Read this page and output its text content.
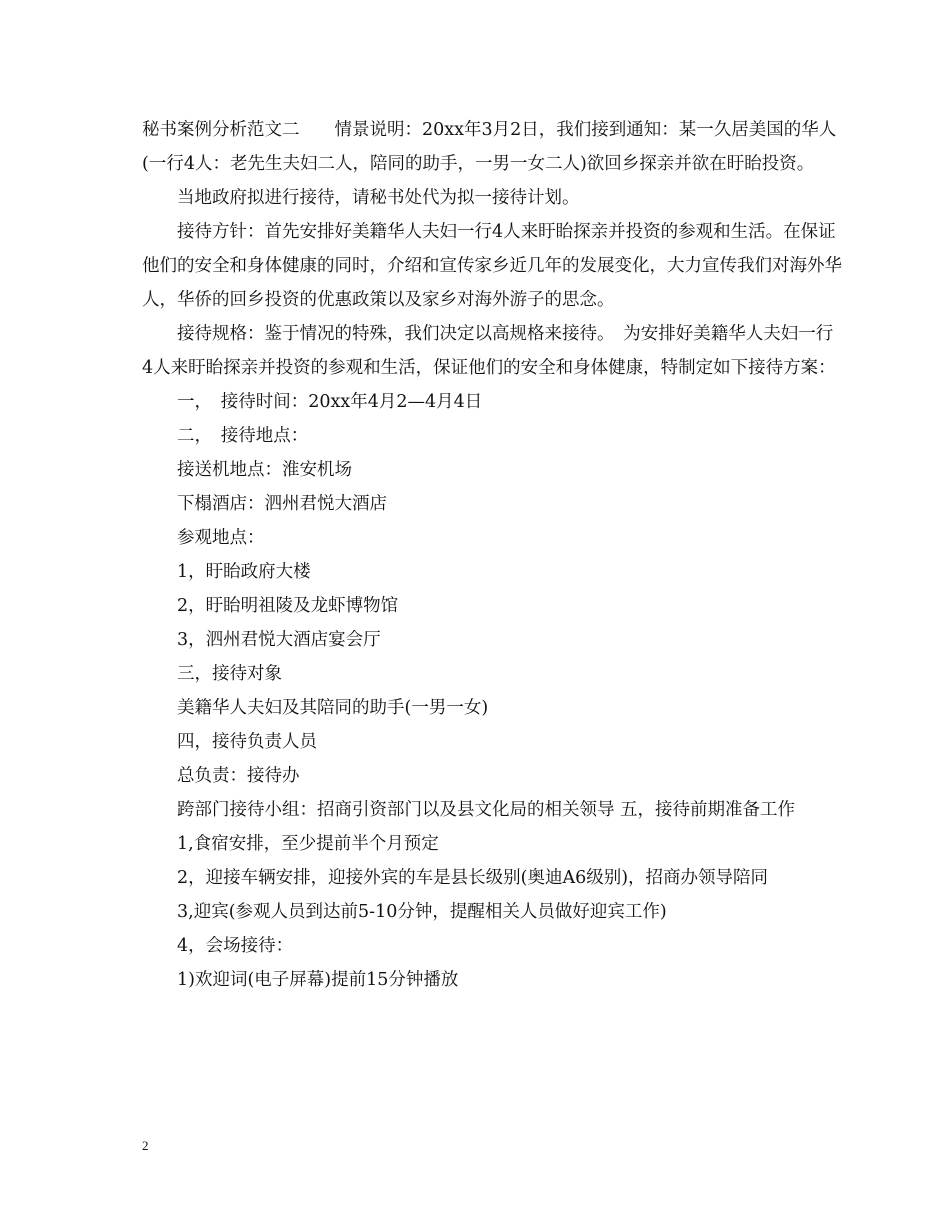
秘书案例分析范文二　　情景说明：20xx年3月2日，我们接到通知：某一久居美国的华人(一行4人：老先生夫妇二人，陪同的助手，一男一女二人)欲回乡探亲并欲在盱眙投资。

当地政府拟进行接待，请秘书处代为拟一接待计划。

接待方针：首先安排好美籍华人夫妇一行4人来盱眙探亲并投资的参观和生活。在保证他们的安全和身体健康的同时，介绍和宣传家乡近几年的发展变化，大力宣传我们对海外华人，华侨的回乡投资的优惠政策以及家乡对海外游子的思念。

接待规格：鉴于情况的特殊，我们决定以高规格来接待。　为安排好美籍华人夫妇一行4人来盱眙探亲并投资的参观和生活，保证他们的安全和身体健康，特制定如下接待方案：

一，　接待时间：20xx年4月2—4月4日

二，　接待地点：

接送机地点：淮安机场

下榻酒店：泗州君悦大酒店

参观地点：

1，盱眙政府大楼

2，盱眙明祖陵及龙虾博物馆

3，泗州君悦大酒店宴会厅

三，接待对象

美籍华人夫妇及其陪同的助手(一男一女)

四，接待负责人员

总负责：接待办

跨部门接待小组：招商引资部门以及县文化局的相关领导 五，接待前期准备工作

1,食宿安排，至少提前半个月预定

2，迎接车辆安排，迎接外宾的车是县长级别(奥迪A6级别)，招商办领导陪同

3,迎宾(参观人员到达前5-10分钟，提醒相关人员做好迎宾工作)

4，会场接待：

1)欢迎词(电子屏幕)提前15分钟播放

2
